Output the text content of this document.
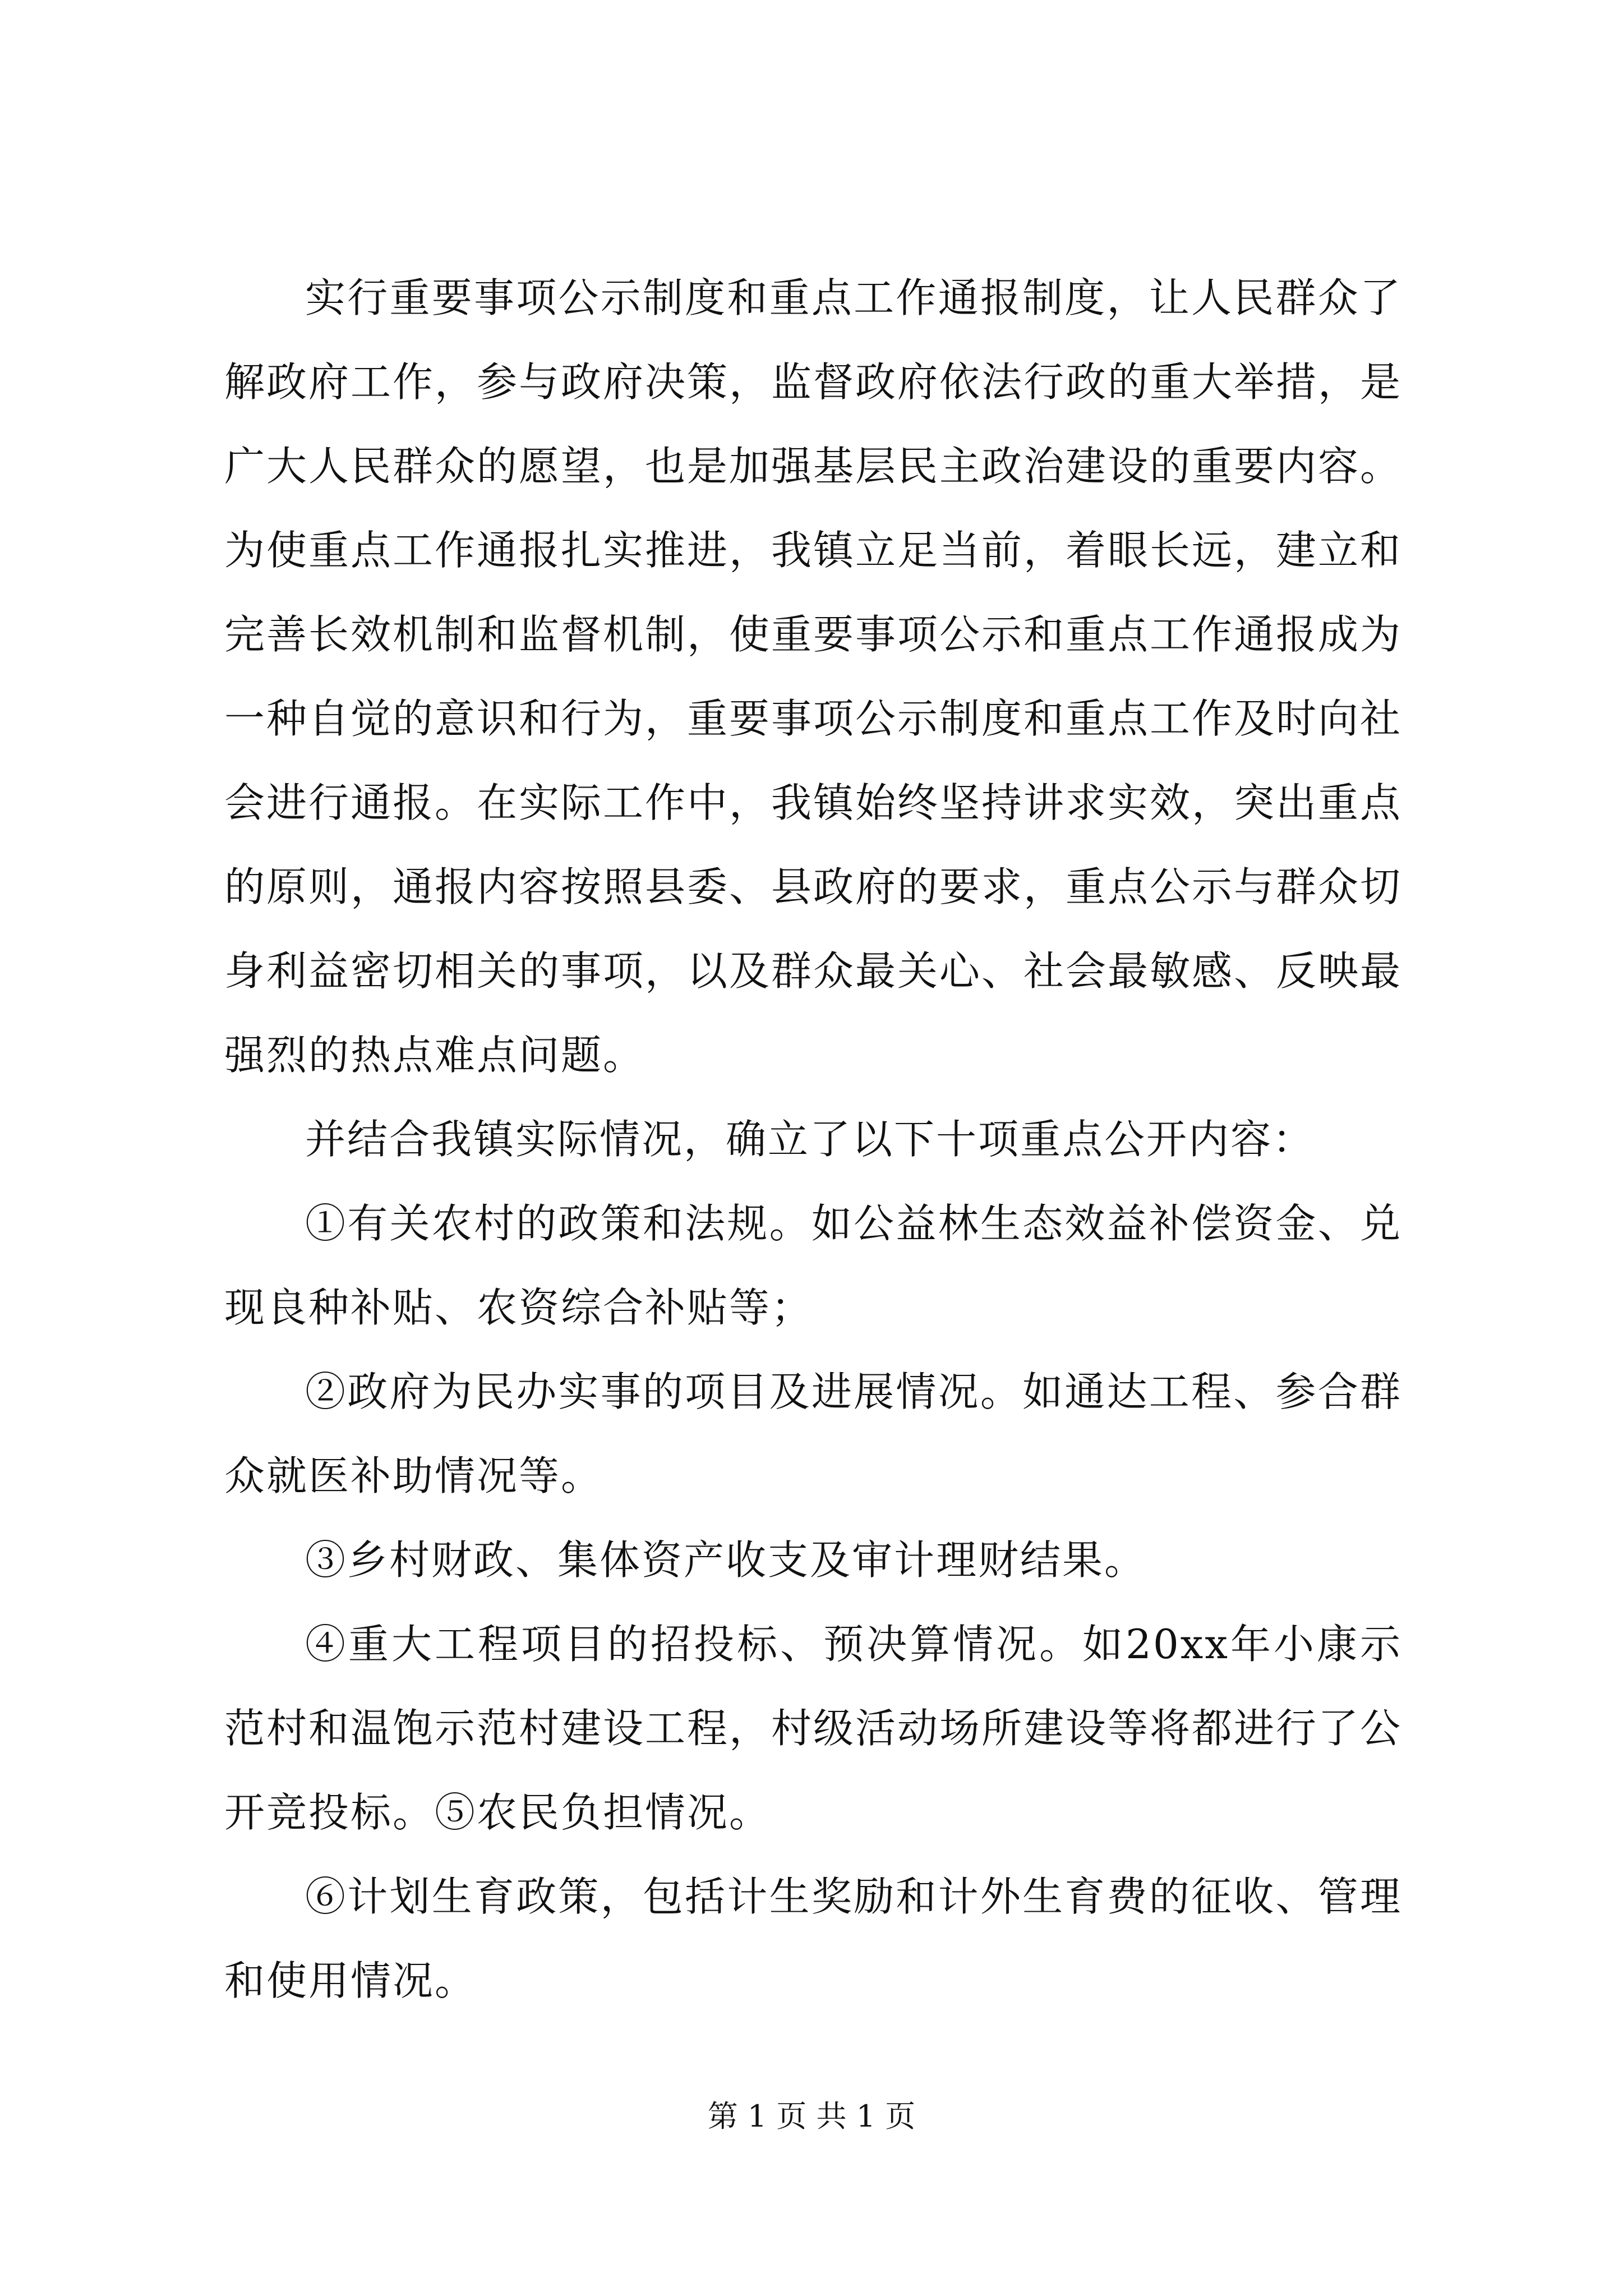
实行重要事项公示制度和重点工作通报制度，让人民群众了解政府工作，参与政府决策，监督政府依法行政的重大举措，是广大人民群众的愿望，也是加强基层民主政治建设的重要内容。为使重点工作通报扎实推进，我镇立足当前，着眼长远，建立和完善长效机制和监督机制，使重要事项公示和重点工作通报成为一种自觉的意识和行为，重要事项公示制度和重点工作及时向社会进行通报。在实际工作中，我镇始终坚持讲求实效，突出重点的原则，通报内容按照县委、县政府的要求，重点公示与群众切身利益密切相关的事项，以及群众最关心、社会最敏感、反映最强烈的热点难点问题。

并结合我镇实际情况，确立了以下十项重点公开内容：

①有关农村的政策和法规。如公益林生态效益补偿资金、兑现良种补贴、农资综合补贴等；

②政府为民办实事的项目及进展情况。如通达工程、参合群众就医补助情况等。

③乡村财政、集体资产收支及审计理财结果。

④重大工程项目的招投标、预决算情况。如20xx年小康示范村和温饱示范村建设工程，村级活动场所建设等将都进行了公开竞投标。⑤农民负担情况。

⑥计划生育政策，包括计生奖励和计外生育费的征收、管理和使用情况。

第 1 页 共 1 页
